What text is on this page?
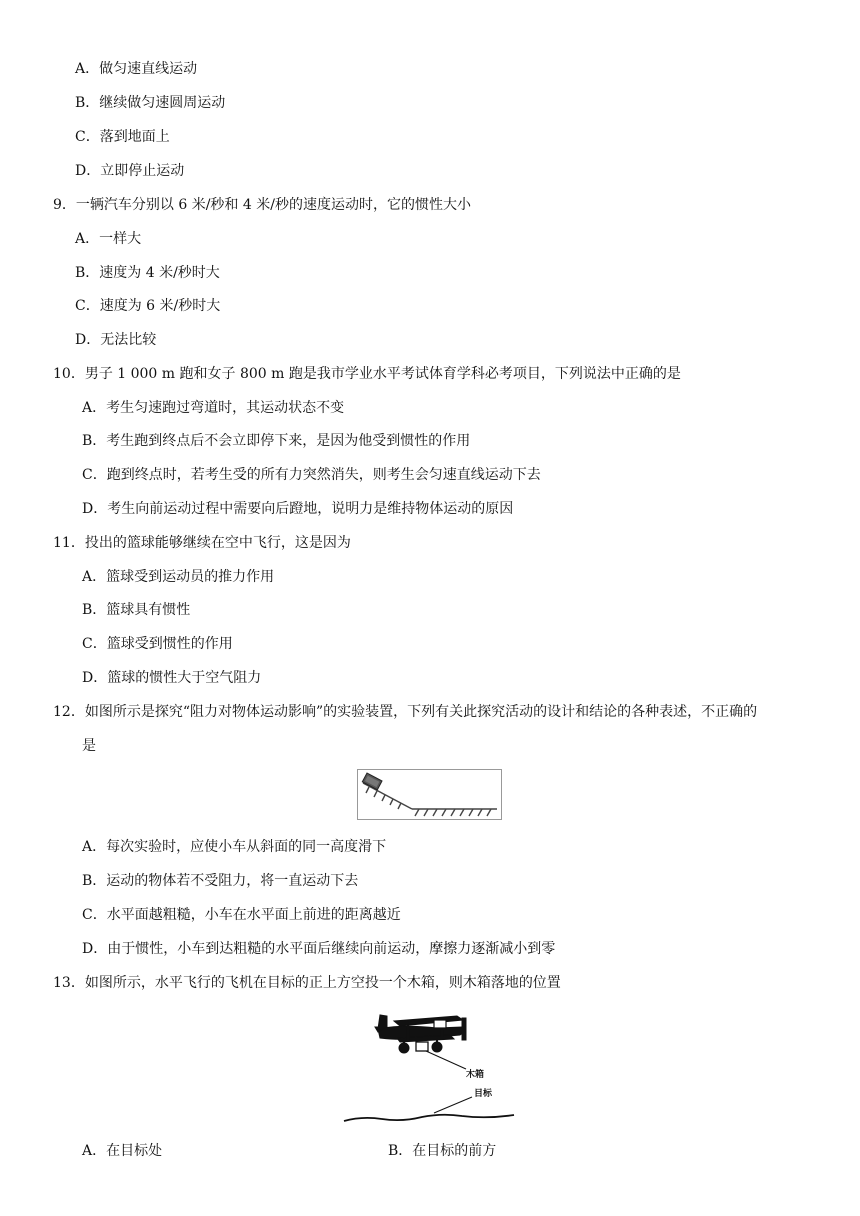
A．做匀速直线运动
B．继续做匀速圆周运动
C．落到地面上
D．立即停止运动
9．一辆汽车分别以 6 米/秒和 4 米/秒的速度运动时，它的惯性大小
A．一样大
B．速度为 4 米/秒时大
C．速度为 6 米/秒时大
D．无法比较
10．男子 1 000 m 跑和女子 800 m 跑是我市学业水平考试体育学科必考项目，下列说法中正确的是
A．考生匀速跑过弯道时，其运动状态不变
B．考生跑到终点后不会立即停下来，是因为他受到惯性的作用
C．跑到终点时，若考生受的所有力突然消失，则考生会匀速直线运动下去
D．考生向前运动过程中需要向后蹬地，说明力是维持物体运动的原因
11．投出的篮球能够继续在空中飞行，这是因为
A．篮球受到运动员的推力作用
B．篮球具有惯性
C．篮球受到惯性的作用
D．篮球的惯性大于空气阻力
12．如图所示是探究“阻力对物体运动影响”的实验装置，下列有关此探究活动的设计和结论的各种表述，不正确的
是
A．每次实验时，应使小车从斜面的同一高度滑下
B．运动的物体若不受阻力，将一直运动下去
C．水平面越粗糙，小车在水平面上前进的距离越近
D．由于惯性，小车到达粗糙的水平面后继续向前运动，摩擦力逐渐减小到零
13．如图所示，水平飞行的飞机在目标的正上方空投一个木箱，则木箱落地的位置
木箱
目标
A．在目标处	B．在目标的前方
